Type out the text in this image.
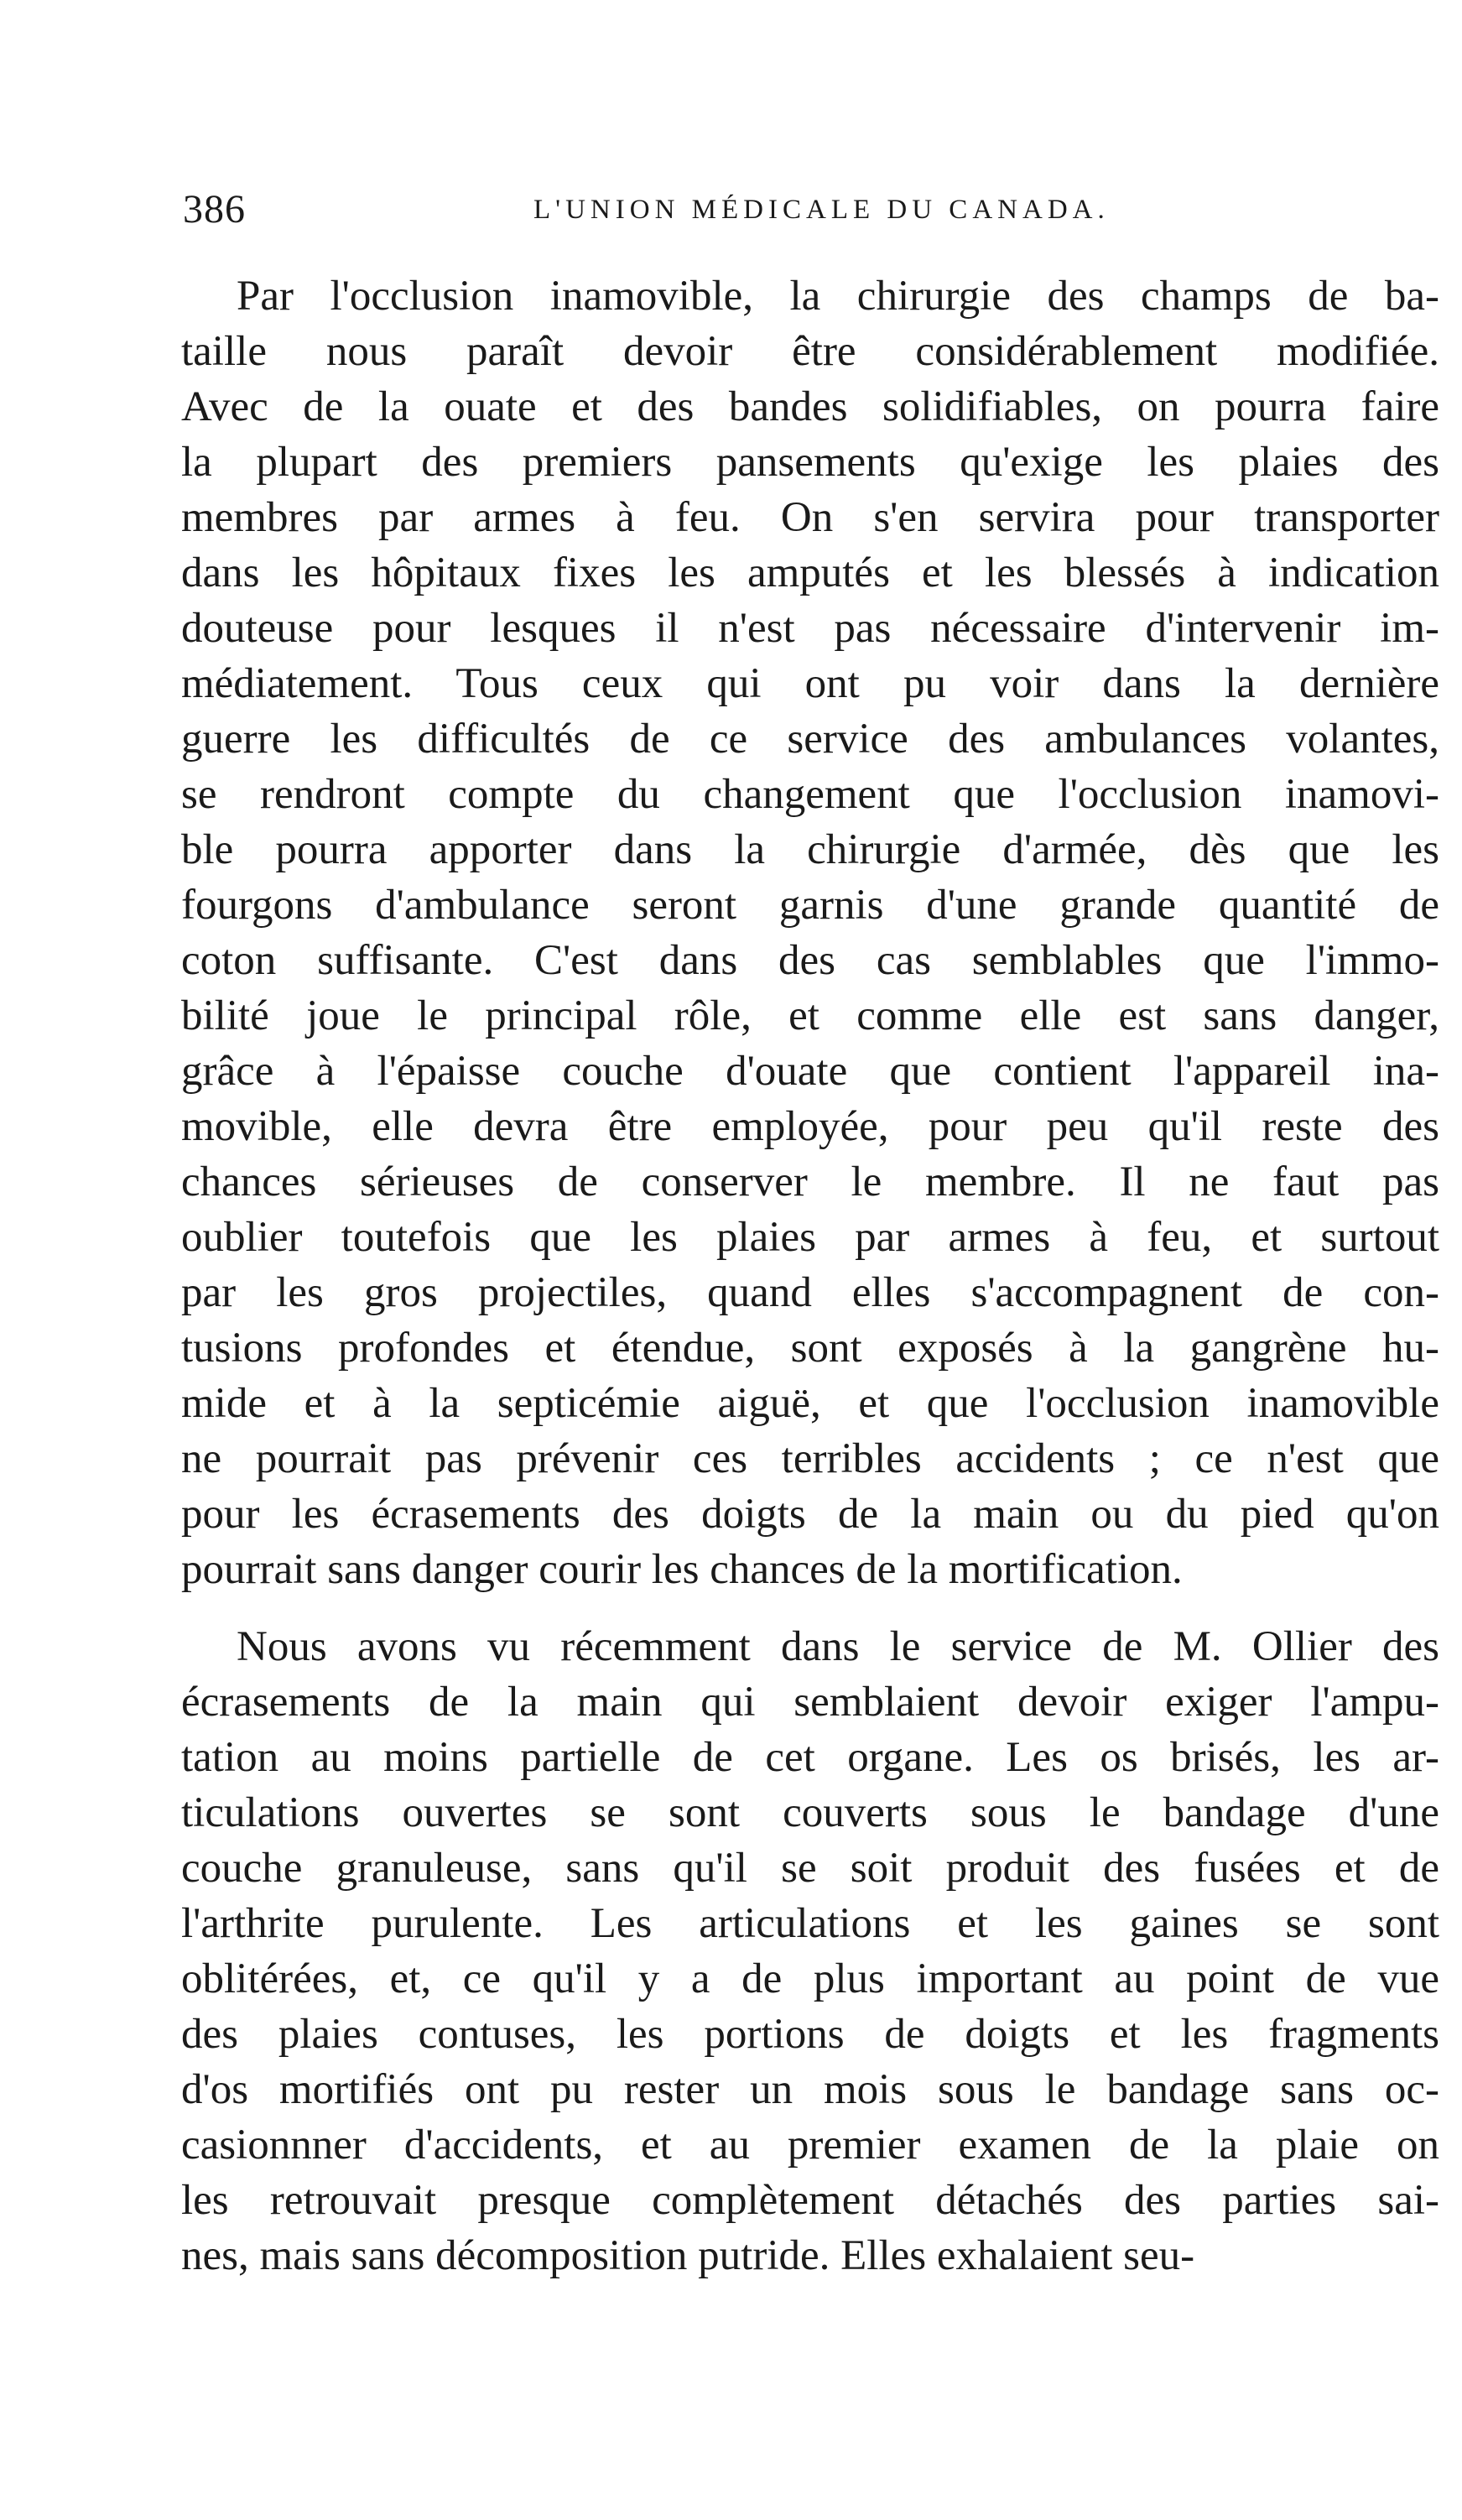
386	L'UNION MÉDICALE DU CANADA.
Par l'occlusion inamovible, la chirurgie des champs de ba-
taille nous paraît devoir être considérablement modifiée.
Avec de la ouate et des bandes solidifiables, on pourra faire
la plupart des premiers pansements qu'exige les plaies des
membres par armes à feu. On s'en servira pour transporter
dans les hôpitaux fixes les amputés et les blessés à indication
douteuse pour lesques il n'est pas nécessaire d'intervenir im-
médiatement. Tous ceux qui ont pu voir dans la dernière
guerre les difficultés de ce service des ambulances volantes,
se rendront compte du changement que l'occlusion inamovi-
ble pourra apporter dans la chirurgie d'armée, dès que les
fourgons d'ambulance seront garnis d'une grande quantité de
coton suffisante. C'est dans des cas semblables que l'immo-
bilité joue le principal rôle, et comme elle est sans danger,
grâce à l'épaisse couche d'ouate que contient l'appareil ina-
movible, elle devra être employée, pour peu qu'il reste des
chances sérieuses de conserver le membre. Il ne faut pas
oublier toutefois que les plaies par armes à feu, et surtout
par les gros projectiles, quand elles s'accompagnent de con-
tusions profondes et étendue, sont exposés à la gangrène hu-
mide et à la septicémie aiguë, et que l'occlusion inamovible
ne pourrait pas prévenir ces terribles accidents ; ce n'est que
pour les écrasements des doigts de la main ou du pied qu'on
pourrait sans danger courir les chances de la mortification.
Nous avons vu récemment dans le service de M. Ollier des
écrasements de la main qui semblaient devoir exiger l'ampu-
tation au moins partielle de cet organe. Les os brisés, les ar-
ticulations ouvertes se sont couverts sous le bandage d'une
couche granuleuse, sans qu'il se soit produit des fusées et de
l'arthrite purulente. Les articulations et les gaines se sont
oblitérées, et, ce qu'il y a de plus important au point de vue
des plaies contuses, les portions de doigts et les fragments
d'os mortifiés ont pu rester un mois sous le bandage sans oc-
casionnner d'accidents, et au premier examen de la plaie on
les retrouvait presque complètement détachés des parties sai-
nes, mais sans décomposition putride. Elles exhalaient seu-
